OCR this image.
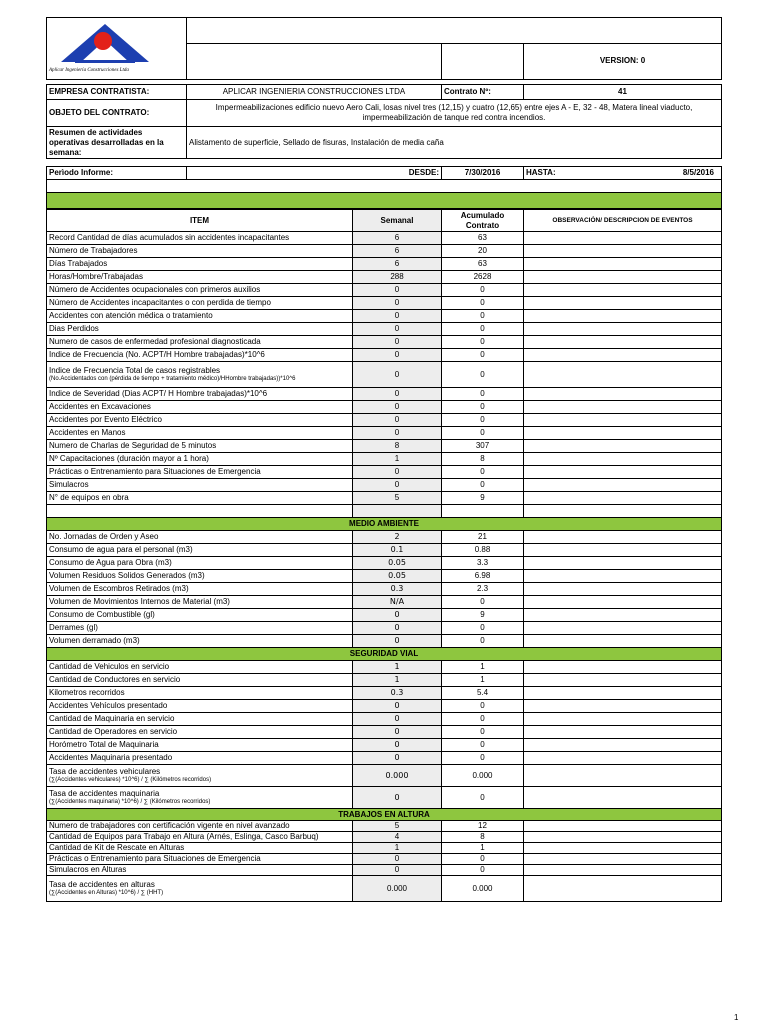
Aplicar Ingeniería Construcciones Ltda			

			VERSION: 0
EMPRESA CONTRATISTA:	APLICAR INGENIERIA CONSTRUCCIONES LTDA	Contrato Nº:	41
OBJETO DEL CONTRATO:	Impermeabilizaciones edificio nuevo Aero Cali, losas nivel tres (12,15) y cuatro (12,65) entre ejes A - E, 32 - 48, Matera lineal viaducto, impermeabilización de tanque red contra incendios.		
Resumen de actividades operativas desarrolladas en la semana:	Alistamento de superficie, Sellado de fisuras, Instalación de media caña		

Perìodo Informe:	DESDE:	7/30/2016	HASTA: 8/5/2016

ITEM	Semanal	Acumulado Contrato	OBSERVACIÓN/ DESCRIPCION DE EVENTOS
Record Cantidad de días acumulados sin accidentes incapacitantes	6	63	
Número de Trabajadores	6	20	
Días Trabajados	6	63	
Horas/Hombre/Trabajadas	288	2628	
Número de Accidentes ocupacionales con primeros auxilios	0	0	
Número de Accidentes incapacitantes o con perdida de tiempo	0	0	
Accidentes con atención médica o tratamiento	0	0	
Dias Perdidos	0	0	
Numero de casos de enfermedad profesional diagnosticada	0	0	
Indice de Frecuencia (No. ACPT/H Hombre trabajadas)*10^6	0	0	
Indice de Frecuencia Total de casos registrables
(No.Accidentados con (pérdida de tiempo + tratamiento médico)/HHombre trabajadas))*10^6	0	0	
Indice de Severidad (Dias ACPT/ H Hombre trabajadas)*10^6	0	0	
Accidentes en Excavaciones	0	0	
Accidentes por Evento Eléctrico	0	0	
Accidentes en Manos	0	0	
Numero de Charlas de Seguridad de 5 minutos	8	307	
Nº Capacitaciones (duración mayor a 1 hora)	1	8	
Prácticas o Entrenamiento para Situaciones de Emergencia	0	0	
Simulacros	0	0	
N° de equipos en obra	5	9	

MEDIO AMBIENTE			
No. Jornadas de Orden y Aseo	2	21	
Consumo de agua para el personal (m3)	0.1	0.88	
Consumo de Agua para Obra (m3)	0.05	3.3	
Volumen Residuos Solidos Generados (m3)	0.05	6.98	
Volumen de Escombros Retirados (m3)	0.3	2.3	
Volumen de Movimientos Internos de Material (m3)	N/A	0	
Consumo de Combustible (gl)	0	9	
Derrames (gl)	0	0	
Volumen derramado (m3)	0	0	
SEGURIDAD VIAL			
Cantidad de Vehiculos en servicio	1	1	
Cantidad de Conductores en servicio	1	1	
Kilometros recorridos	0.3	5.4	
Accidentes Vehículos presentado	0	0	
Cantidad de Maquinaria en servicio	0	0	
Cantidad de Operadores en servicio	0	0	
Horómetro Total de Maquinaria	0	0	
Accidentes Maquinaria presentado	0	0	
Tasa de accidentes vehiculares
(∑(Accidentes vehiculares) *10^6) / ∑ (Kilómetros recorridos)	0.000	0.000	
Tasa de accidentes maquinaria
(∑(Accidentes maquinaria) *10^6) / ∑ (Kilómetros recorridos)	0	0	
TRABAJOS EN ALTURA			
Numero de trabajadores con certificación vigente en nivel avanzado	5	12	
Cantidad de Equipos para Trabajo en Altura (Arnés, Eslinga, Casco Barbuq)	4	8	
Cantidad de Kit de Rescate en Alturas	1	1	
Prácticas o Entrenamiento para Situaciones de Emergencia	0	0	
Simulacros en Alturas	0	0	
Tasa de accidentes en alturas
(∑(Accidentes en Alturas) *10^6) / ∑ (HHT)	0.000	0.000	
1
